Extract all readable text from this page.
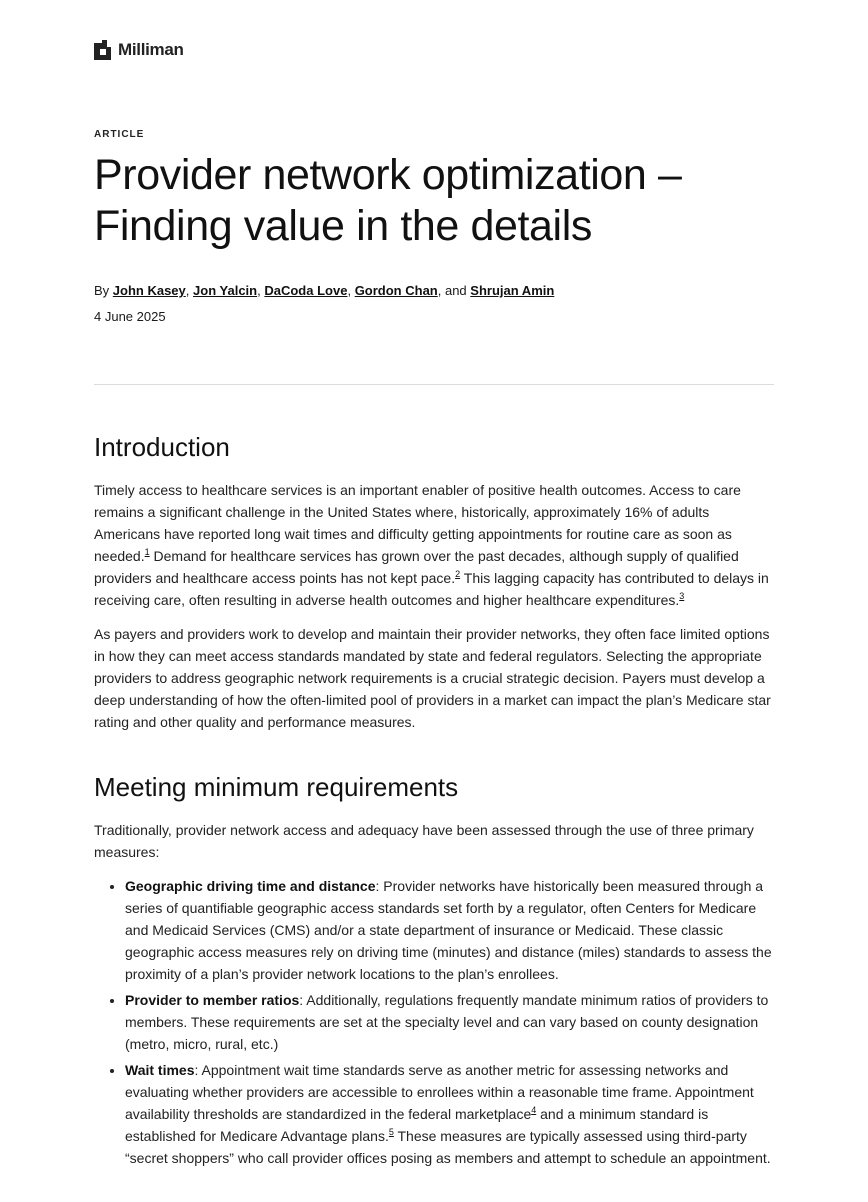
Milliman

ARTICLE

Provider network optimization –
Finding value in the details
By John Kasey, Jon Yalcin, DaCoda Love, Gordon Chan, and Shrujan Amin
4 June 2025
Introduction

Timely access to healthcare services is an important enabler of positive health outcomes. Access to care remains a significant challenge in the United States where, historically, approximately 16% of adults Americans have reported long wait times and difficulty getting appointments for routine care as soon as needed.$^1$ Demand for healthcare services has grown over the past decades, although supply of qualified providers and healthcare access points has not kept pace.$^2$ This lagging capacity has contributed to delays in receiving care, often resulting in adverse health outcomes and higher healthcare expenditures.$^3$

As payers and providers work to develop and maintain their provider networks, they often face limited options in how they can meet access standards mandated by state and federal regulators. Selecting the appropriate providers to address geographic network requirements is a crucial strategic decision. Payers must develop a deep understanding of how the often-limited pool of providers in a market can impact the plan’s Medicare star rating and other quality and performance measures.

Meeting minimum requirements

Traditionally, provider network access and adequacy have been assessed through the use of three primary measures:

• Geographic driving time and distance: Provider networks have historically been measured through a series of quantifiable geographic access standards set forth by a regulator, often Centers for Medicare and Medicaid Services (CMS) and/or a state department of insurance or Medicaid. These classic geographic access measures rely on driving time (minutes) and distance (miles) standards to assess the proximity of a plan’s provider network locations to the plan’s enrollees.
• Provider to member ratios: Additionally, regulations frequently mandate minimum ratios of providers to members. These requirements are set at the specialty level and can vary based on county designation (metro, micro, rural, etc.)
• Wait times: Appointment wait time standards serve as another metric for assessing networks and evaluating whether providers are accessible to enrollees within a reasonable time frame. Appointment availability thresholds are standardized in the federal marketplace$^4$ and a minimum standard is established for Medicare Advantage plans.$^5$ These measures are typically assessed using third-party “secret shoppers” who call provider offices posing as members and attempt to schedule an appointment.
